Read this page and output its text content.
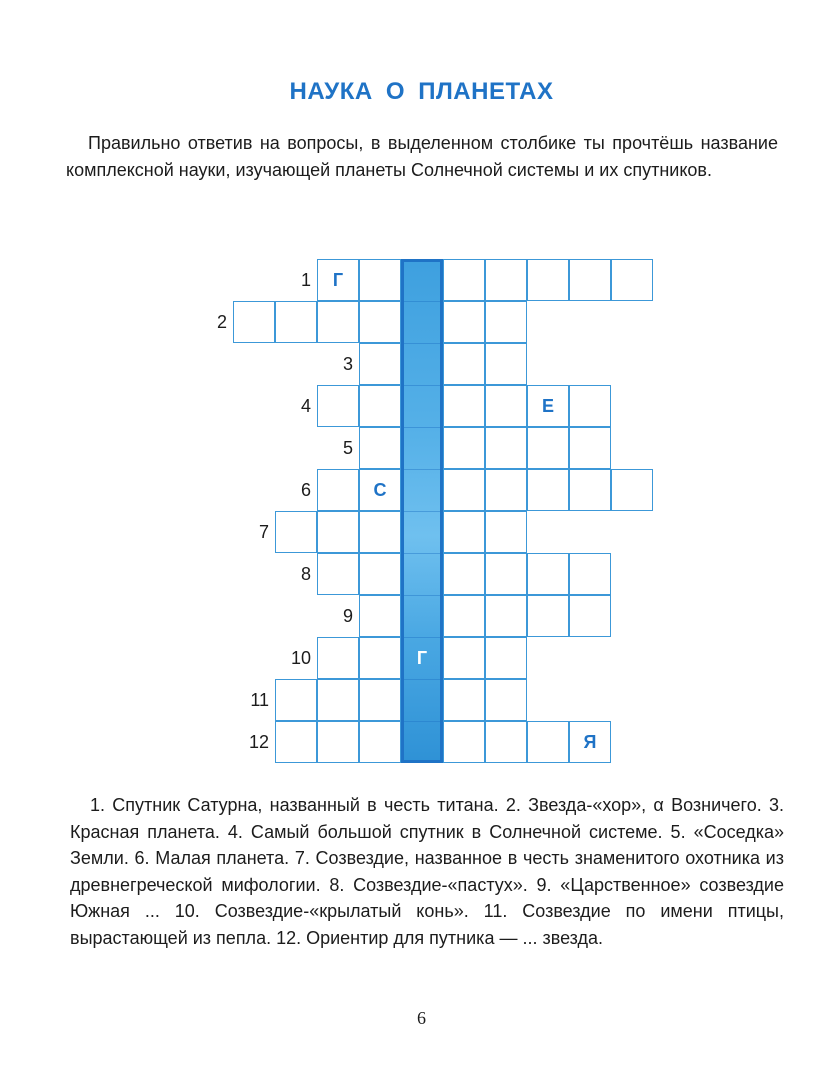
НАУКА О ПЛАНЕТАХ
Правильно ответив на вопросы, в выделенном столбике ты прочтёшь название комплексной науки, изучающей планеты Солнечной системы и их спутников.
1
2
3
4
5
6
7
8
9
10
11
12
Г
Е
С
Г
Я
1. Спутник Сатурна, названный в честь титана. 2. Звезда-«хор», α Возничего. 3. Красная планета. 4. Самый большой спутник в Солнечной системе. 5. «Соседка» Земли. 6. Малая планета. 7. Созвездие, названное в честь знаменитого охотника из древнегреческой мифологии. 8. Созвездие-«пастух». 9. «Царственное» созвездие Южная ... 10. Созвездие-«крылатый конь». 11. Созвездие по имени птицы, вырастающей из пепла. 12. Ориентир для путника — ... звезда.
6
